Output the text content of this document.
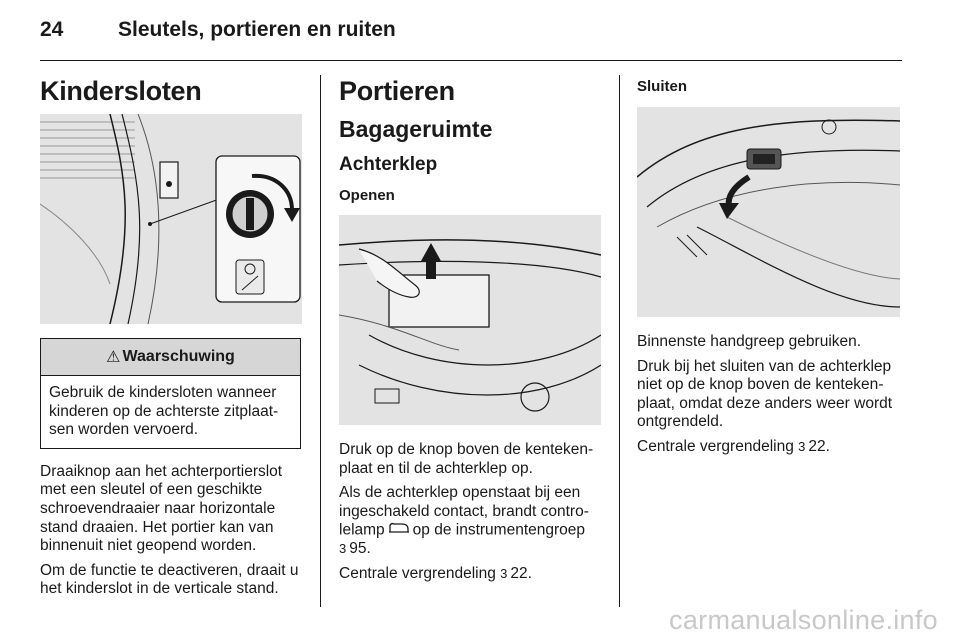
24	Sleutels, portieren en ruiten
Kindersloten
⚠ Waarschuwing

Gebruik de kindersloten wanneer kinderen op de achterste zitplaatsen worden vervoerd.

Draaiknop aan het achterportierslot met een sleutel of een geschikte schroevendraaier naar horizontale stand draaien. Het portier kan van binnenuit niet geopend worden.

Om de functie te deactiveren, draait u het kinderslot in de verticale stand.

Portieren
Bagageruimte
Achterklep
Openen

Druk op de knop boven de kentekenplaat en til de achterklep op.

Als de achterklep openstaat bij een ingeschakeld contact, brandt controlelamp op de instrumentengroep
3 95.

Centrale vergrendeling 3 22.

Sluiten

Binnenste handgreep gebruiken.

Druk bij het sluiten van de achterklep niet op de knop boven de kentekenplaat, omdat deze anders weer wordt ontgrendeld.

Centrale vergrendeling 3 22.

carmanualsonline.info
